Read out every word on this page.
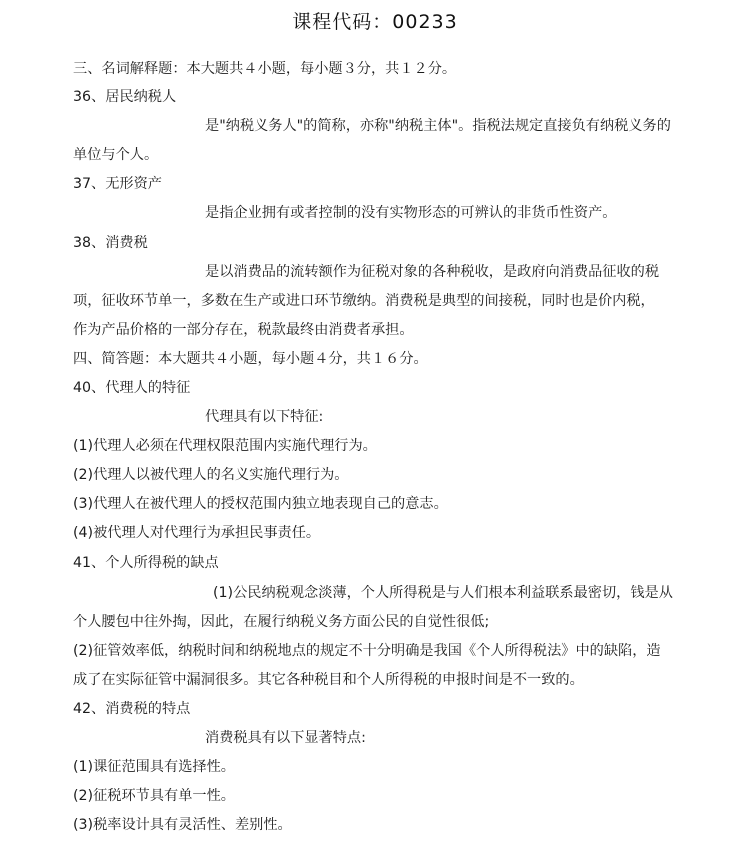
课程代码：00233
三、名词解释题：本大题共４小题，每小题３分，共１２分。
36、居民纳税人
是"纳税义务人"的简称，亦称"纳税主体"。指税法规定直接负有纳税义务的
单位与个人。
37、无形资产
是指企业拥有或者控制的没有实物形态的可辨认的非货币性资产。
38、消费税
是以消费品的流转额作为征税对象的各种税收，是政府向消费品征收的税
项，征收环节单一，多数在生产或进口环节缴纳。消费税是典型的间接税，同时也是价内税，
作为产品价格的一部分存在，税款最终由消费者承担。
四、简答题：本大题共４小题，每小题４分，共１６分。
40、代理人的特征
代理具有以下特征:
(1)代理人必须在代理权限范围内实施代理行为。
(2)代理人以被代理人的名义实施代理行为。
(3)代理人在被代理人的授权范围内独立地表现自己的意志。
(4)被代理人对代理行为承担民事责任。
41、个人所得税的缺点
(1)公民纳税观念淡薄，个人所得税是与人们根本利益联系最密切，钱是从
个人腰包中往外掏，因此，在履行纳税义务方面公民的自觉性很低;
(2)征管效率低，纳税时间和纳税地点的规定不十分明确是我国《个人所得税法》中的缺陷，造
成了在实际征管中漏洞很多。其它各种税目和个人所得税的申报时间是不一致的。
42、消费税的特点
消费税具有以下显著特点:
(1)课征范围具有选择性。
(2)征税环节具有单一性。
(3)税率设计具有灵活性、差别性。
